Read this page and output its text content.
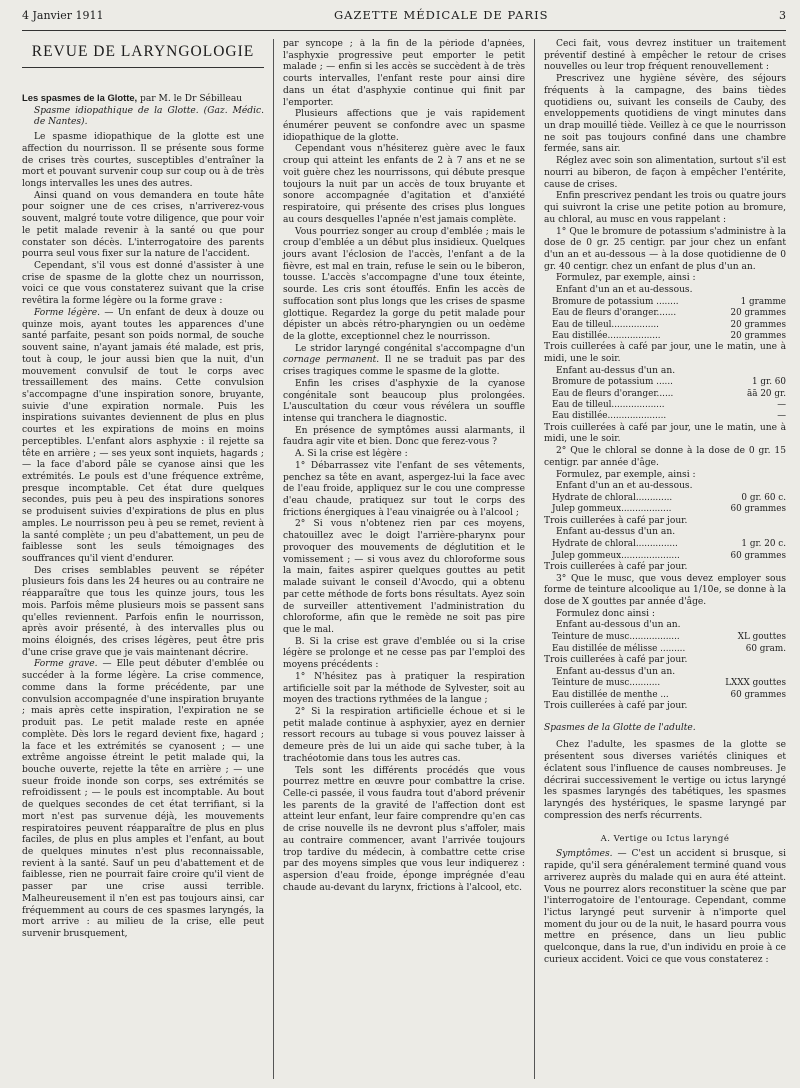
4 Janvier 1911	GAZETTE MÉDICALE DE PARIS	3
REVUE DE LARYNGOLOGIE

Les spasmes de la Glotte, par M. le Dr Sébilleau

Spasme idiopathique de la Glotte. (Gaz. Médic. de Nantes).

Le spasme idiopathique de la glotte est une affection du nourrisson. Il se présente sous forme de crises très courtes, susceptibles d'entraîner la mort et pouvant survenir coup sur coup ou à de très longs intervalles les unes des autres.

Ainsi quand on vous demandera en toute hâte pour soigner une de ces crises, n'arriverez-vous souvent, malgré toute votre diligence, que pour voir le petit malade revenir à la santé ou que pour constater son décès. L'interrogatoire des parents pourra seul vous fixer sur la nature de l'accident.

Cependant, s'il vous est donné d'assister à une crise de spasme de la glotte chez un nourrisson, voici ce que vous constaterez suivant que la crise revêtira la forme légère ou la forme grave :

Forme légère. — Un enfant de deux à douze ou quinze mois, ayant toutes les apparences d'une santé parfaite, pesant son poids normal, de souche souvent saine, n'ayant jamais été malade, est pris, tout à coup, le jour aussi bien que la nuit, d'un mouvement convulsif de tout le corps avec tressaillement des mains. Cette convulsion s'accompagne d'une inspiration sonore, bruyante, suivie d'une expiration normale. Puis les inspirations suivantes deviennent de plus en plus courtes et les expirations de moins en moins perceptibles. L'enfant alors asphyxie : il rejette sa tête en arrière ; — ses yeux sont inquiets, hagards ; — la face d'abord pâle se cyanose ainsi que les extrémités. Le pouls est d'une fréquence extrême, presque incomptable. Cet état dure quelques secondes, puis peu à peu des inspirations sonores se produisent suivies d'expirations de plus en plus amples. Le nourrisson peu à peu se remet, revient à la santé complète ; un peu d'abattement, un peu de faiblesse sont les seuls témoignages des souffrances qu'il vient d'endurer.

Des crises semblables peuvent se répéter plusieurs fois dans les 24 heures ou au contraire ne réapparaître que tous les quinze jours, tous les mois. Parfois même plusieurs mois se passent sans qu'elles reviennent. Parfois enfin le nourrisson, après avoir présenté, à des intervalles plus ou moins éloignés, des crises légères, peut être pris d'une crise grave que je vais maintenant décrire.

Forme grave. — Elle peut débuter d'emblée ou succéder à la forme légère. La crise commence, comme dans la forme précédente, par une convulsion accompagnée d'une inspiration bruyante ; mais après cette inspiration, l'expiration ne se produit pas. Le petit malade reste en apnée complète. Dès lors le regard devient fixe, hagard ; la face et les extrémités se cyanosent ; — une extrême angoisse étreint le petit malade qui, la bouche ouverte, rejette la tête en arrière ; — une sueur froide inonde son corps, ses extrémités se refroidissent ; — le pouls est incomptable. Au bout de quelques secondes de cet état terrifiant, si la mort n'est pas survenue déjà, les mouvements respiratoires peuvent réapparaître de plus en plus faciles, de plus en plus amples et l'enfant, au bout de quelques minutes n'est plus reconnaissable, revient à la santé. Sauf un peu d'abattement et de faiblesse, rien ne pourrait faire croire qu'il vient de passer par une crise aussi terrible. Malheureusement il n'en est pas toujours ainsi, car fréquemment au cours de ces spasmes laryngés, la mort arrive : au milieu de la crise, elle peut survenir brusquement,

par syncope ; à la fin de la période d'apnées, l'asphyxie progressive peut emporter le petit malade ; — enfin si les accès se succèdent à de très courts intervalles, l'enfant reste pour ainsi dire dans un état d'asphyxie continue qui finit par l'emporter.

Plusieurs affections que je vais rapidement énumérer peuvent se confondre avec un spasme idiopathique de la glotte.

Cependant vous n'hésiterez guère avec le faux croup qui atteint les enfants de 2 à 7 ans et ne se voit guère chez les nourrissons, qui débute presque toujours la nuit par un accès de toux bruyante et sonore accompagnée d'agitation et d'anxiété respiratoire, qui présente des crises plus longues au cours desquelles l'apnée n'est jamais complète.

Vous pourriez songer au croup d'emblée ; mais le croup d'emblée a un début plus insidieux. Quelques jours avant l'éclosion de l'accès, l'enfant a de la fièvre, est mal en train, refuse le sein ou le biberon, tousse. L'accès s'accompagne d'une toux éteinte, sourde. Les cris sont étouffés. Enfin les accès de suffocation sont plus longs que les crises de spasme glottique. Regardez la gorge du petit malade pour dépister un abcès rétro-pharyngien ou un oedème de la glotte, exceptionnel chez le nourrisson.

Le stridor laryngé congénital s'accompagne d'un cornage permanent. Il ne se traduit pas par des crises tragiques comme le spasme de la glotte.

Enfin les crises d'asphyxie de la cyanose congénitale sont beaucoup plus prolongées. L'auscultation du cœur vous révélera un souffle intense qui tranchera le diagnostic.

En présence de symptômes aussi alarmants, il faudra agir vite et bien. Donc que ferez-vous ?

A. Si la crise est légère :

1° Débarrassez vite l'enfant de ses vêtements, penchez sa tête en avant, aspergez-lui la face avec de l'eau froide, appliquez sur le cou une compresse d'eau chaude, pratiquez sur tout le corps des frictions énergiques à l'eau vinaigrée ou à l'alcool ;

2° Si vous n'obtenez rien par ces moyens, chatouillez avec le doigt l'arrière-pharynx pour provoquer des mouvements de déglutition et le vomissement ; — si vous avez du chloroforme sous la main, faites aspirer quelques gouttes au petit malade suivant le conseil d'Avocdo, qui a obtenu par cette méthode de forts bons résultats. Ayez soin de surveiller attentivement l'administration du chloroforme, afin que le remède ne soit pas pire que le mal.

B. Si la crise est grave d'emblée ou si la crise légère se prolonge et ne cesse pas par l'emploi des moyens précédents :

1° N'hésitez pas à pratiquer la respiration artificielle soit par la méthode de Sylvester, soit au moyen des tractions rythmées de la langue ;

2° Si la respiration artificielle échoue et si le petit malade continue à asphyxier, ayez en dernier ressort recours au tubage si vous pouvez laisser à demeure près de lui un aide qui sache tuber, à la trachéotomie dans tous les autres cas.

Tels sont les différents procédés que vous pourrez mettre en œuvre pour combattre la crise. Celle-ci passée, il vous faudra tout d'abord prévenir les parents de la gravité de l'affection dont est atteint leur enfant, leur faire comprendre qu'en cas de crise nouvelle ils ne devront plus s'affoler, mais au contraire commencer, avant l'arrivée toujours trop tardive du médecin, à combattre cette crise par des moyens simples que vous leur indiquerez : aspersion d'eau froide, éponge imprégnée d'eau chaude au-devant du larynx, frictions à l'alcool, etc.

Ceci fait, vous devrez instituer un traitement préventif destiné à empêcher le retour de crises nouvelles ou leur trop fréquent renouvellement :

Prescrivez une hygiène sévère, des séjours fréquents à la campagne, des bains tièdes quotidiens ou, suivant les conseils de Cauby, des enveloppements quotidiens de vingt minutes dans un drap mouillé tiède. Veillez à ce que le nourrisson ne soit pas toujours confiné dans une chambre fermée, sans air.

Réglez avec soin son alimentation, surtout s'il est nourri au biberon, de façon à empêcher l'entérite, cause de crises.

Enfin prescrivez pendant les trois ou quatre jours qui suivront la crise une petite potion au bromure, au chloral, au musc en vous rappelant :

1° Que le bromure de potassium s'administre à la dose de 0 gr. 25 centigr. par jour chez un enfant d'un an et au-dessous — à la dose quotidienne de 0 gr. 40 centigr. chez un enfant de plus d'un an.

Formulez, par exemple, ainsi :

Enfant d'un an et au-dessous.

Bromure de potassium ........	1 gramme
Eau de fleurs d'oranger.......	20 grammes
Eau de tilleul.................	20 grammes
Eau distillée...................	20 grammes

Trois cuillerées à café par jour, une le matin, une à midi, une le soir.

Enfant au-dessus d'un an.

Bromure de potassium ......	1 gr. 60
Eau de fleurs d'oranger......	āā 20 gr.
Eau de tilleul...................	—
Eau distillée.....................	—

Trois cuillerées à café par jour, une le matin, une à midi, une le soir.

2° Que le chloral se donne à la dose de 0 gr. 15 centigr. par année d'âge.

Formulez, par exemple, ainsi :

Enfant d'un an et au-dessous.

Hydrate de chloral.............	0 gr. 60 c.
Julep gommeux..................	60 grammes

Trois cuillerées à café par jour.

Enfant au-dessus d'un an.

Hydrate de chloral...............	1 gr. 20 c.
Julep gommeux.....................	60 grammes

Trois cuillerées à café par jour.

3° Que le musc, que vous devez employer sous forme de teinture alcoolique au 1/10e, se donne à la dose de X gouttes par année d'âge.

Formulez donc ainsi :

Enfant au-dessous d'un an.

Teinture de musc..................	XL gouttes
Eau distillée de mélisse .........	60 gram.

Trois cuillerées à café par jour.

Enfant au-dessus d'un an.

Teinture de musc...........	LXXX gouttes
Eau distillée de menthe ...	60 grammes

Trois cuillerées à café par jour.

Spasmes de la Glotte de l'adulte.

Chez l'adulte, les spasmes de la glotte se présentent sous diverses variétés cliniques et éclatent sous l'influence de causes nombreuses. Je décrirai successivement le vertige ou ictus laryngé les spasmes laryngés des tabétiques, les spasmes laryngés des hystériques, le spasme laryngé par compression des nerfs récurrents.

A. Vertige ou Ictus laryngé

Symptômes. — C'est un accident si brusque, si rapide, qu'il sera généralement terminé quand vous arriverez auprès du malade qui en aura été atteint. Vous ne pourrez alors reconstituer la scène que par l'interrogatoire de l'entourage. Cependant, comme l'ictus laryngé peut survenir à n'importe quel moment du jour ou de la nuit, le hasard pourra vous mettre en présence, dans un lieu public quelconque, dans la rue, d'un individu en proie à ce curieux accident. Voici ce que vous constaterez :
